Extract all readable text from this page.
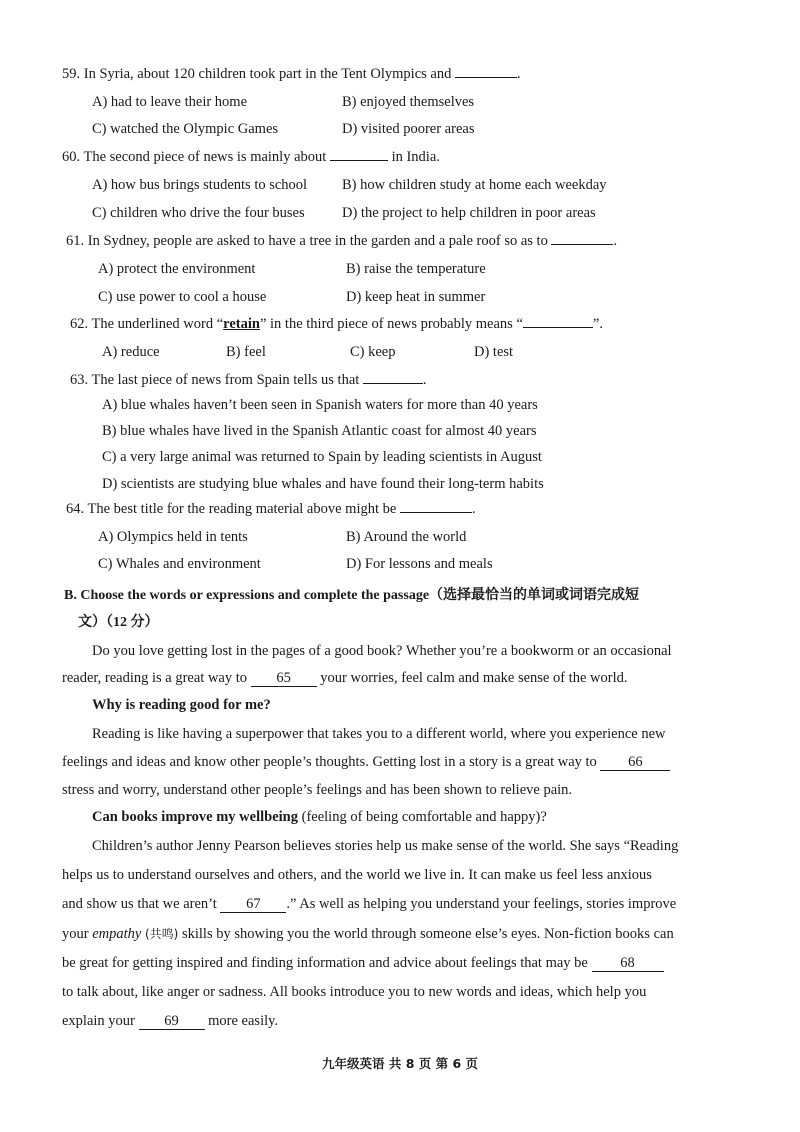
59. In Syria, about 120 children took part in the Tent Olympics and	.
A) had to leave their home	B) enjoyed themselves
C) watched the Olympic Games	D) visited poorer areas
60. The second piece of news is mainly about	in India.
A) how bus brings students to school B) how children study at home each weekday
C) children who drive the four buses	D) the project to help children in poor areas
61. In Sydney, people are asked to have a tree in the garden and a pale roof so as to	.
A) protect the environment	B) raise the temperature
C) use power to cool a house	D) keep heat in summer
62. The underlined word “retain” in the third piece of news probably means “	”.
A) reduce	B) feel	C) keep	D) test
63. The last piece of news from Spain tells us that	.
A) blue whales haven’t been seen in Spanish waters for more than 40 years
B) blue whales have lived in the Spanish Atlantic coast for almost 40 years
C) a very large animal was returned to Spain by leading scientists in August
D) scientists are studying blue whales and have found their long-term habits
64. The best title for the reading material above might be	.
A) Olympics held in tents	B) Around the world
C) Whales and environment	D) For lessons and meals
B. Choose the words or expressions and complete the passage（选择最恰当的单词或词语完成短
文）（12 分）
Do you love getting lost in the pages of a good book? Whether you’re a bookworm or an occasional
reader, reading is a great way to 65 your worries, feel calm and make sense of the world.
Why is reading good for me?
Reading is like having a superpower that takes you to a different world, where you experience new
feelings and ideas and know other people’s thoughts. Getting lost in a story is a great way to 66
stress and worry, understand other people’s feelings and has been shown to relieve pain.
Can books improve my wellbeing (feeling of being comfortable and happy)?
Children’s author Jenny Pearson believes stories help us make sense of the world. She says “Reading
helps us to understand ourselves and others, and the world we live in. It can make us feel less anxious
and show us that we aren’t 67 .” As well as helping you understand your feelings, stories improve
your empathy (共鸣) skills by showing you the world through someone else’s eyes. Non-fiction books can
be great for getting inspired and finding information and advice about feelings that may be 68
to talk about, like anger or sadness. All books introduce you to new words and ideas, which help you
explain your 69 more easily.
九年级英语 共 8 页 第 6 页
